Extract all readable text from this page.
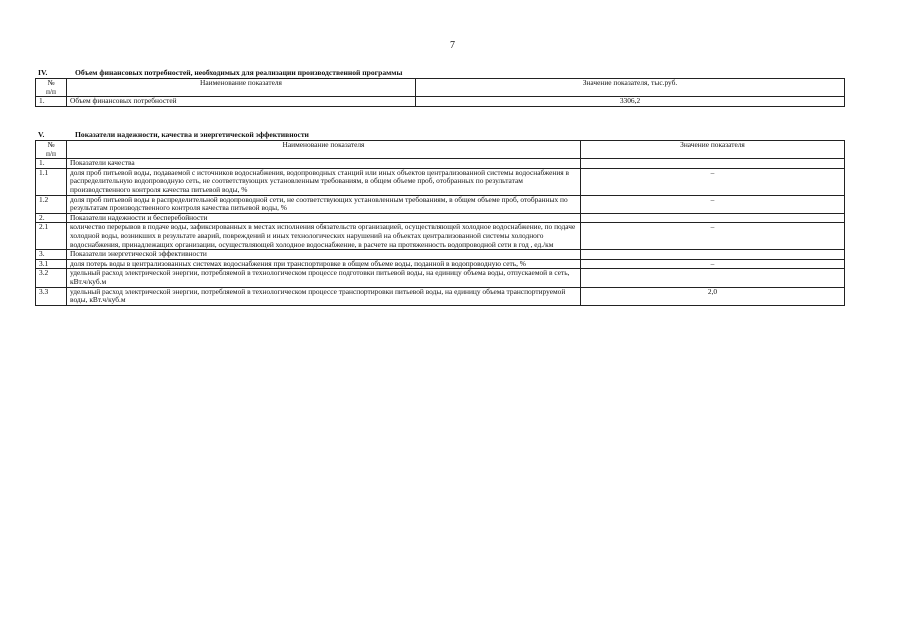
7
IV.	Объем финансовых потребностей, необходимых для реализации производственной программы
№
п/п	Наименование показателя	Значение показателя, тыс.руб.
1.	Объем финансовых потребностей	3306,2
V.	Показатели надежности, качества и энергетической эффективности
№
п/п	Наименование показателя	Значение показателя
1.	Показатели качества	
1.1	доля проб питьевой воды, подаваемой с источников водоснабжения, водопроводных станций или иных объектов централизованной системы водоснабжения в распределительную водопроводную сеть, не соответствующих установленным требованиям, в общем объеме проб, отобранных по результатам производственного контроля качества питьевой воды, %	–
1.2	доля проб питьевой воды в распределительной водопроводной сети, не соответствующих установленным требованиям, в общем объеме проб, отобранных по результатам производственного контроля качества питьевой воды, %	–
2.	Показатели надежности и бесперебойности	
2.1	количество перерывов в подаче воды, зафиксированных в местах исполнения обязательств организацией, осуществляющей холодное водоснабжение, по подаче холодной воды, возникших в результате аварий, повреждений и иных технологических нарушений на объектах централизованной системы холодного водоснабжения, принадлежащих организации, осуществляющей холодное водоснабжение, в расчете на протяженность водопроводной сети в год , ед./км	–
3.	Показатели энергетической эффективности	
3.1	доля потерь воды в централизованных системах водоснабжения при транспортировке в общем объеме воды, поданной в водопроводную сеть, %	–
3.2	удельный расход электрической энергии, потребляемой в технологическом процессе подготовки питьевой воды, на единицу объема воды, отпускаемой в сеть, кВт.ч/куб.м	
3.3	удельный расход электрической энергии, потребляемой в технологическом процессе транспортировки питьевой воды, на единицу объема транспортируемой воды, кВт.ч/куб.м	2,0
